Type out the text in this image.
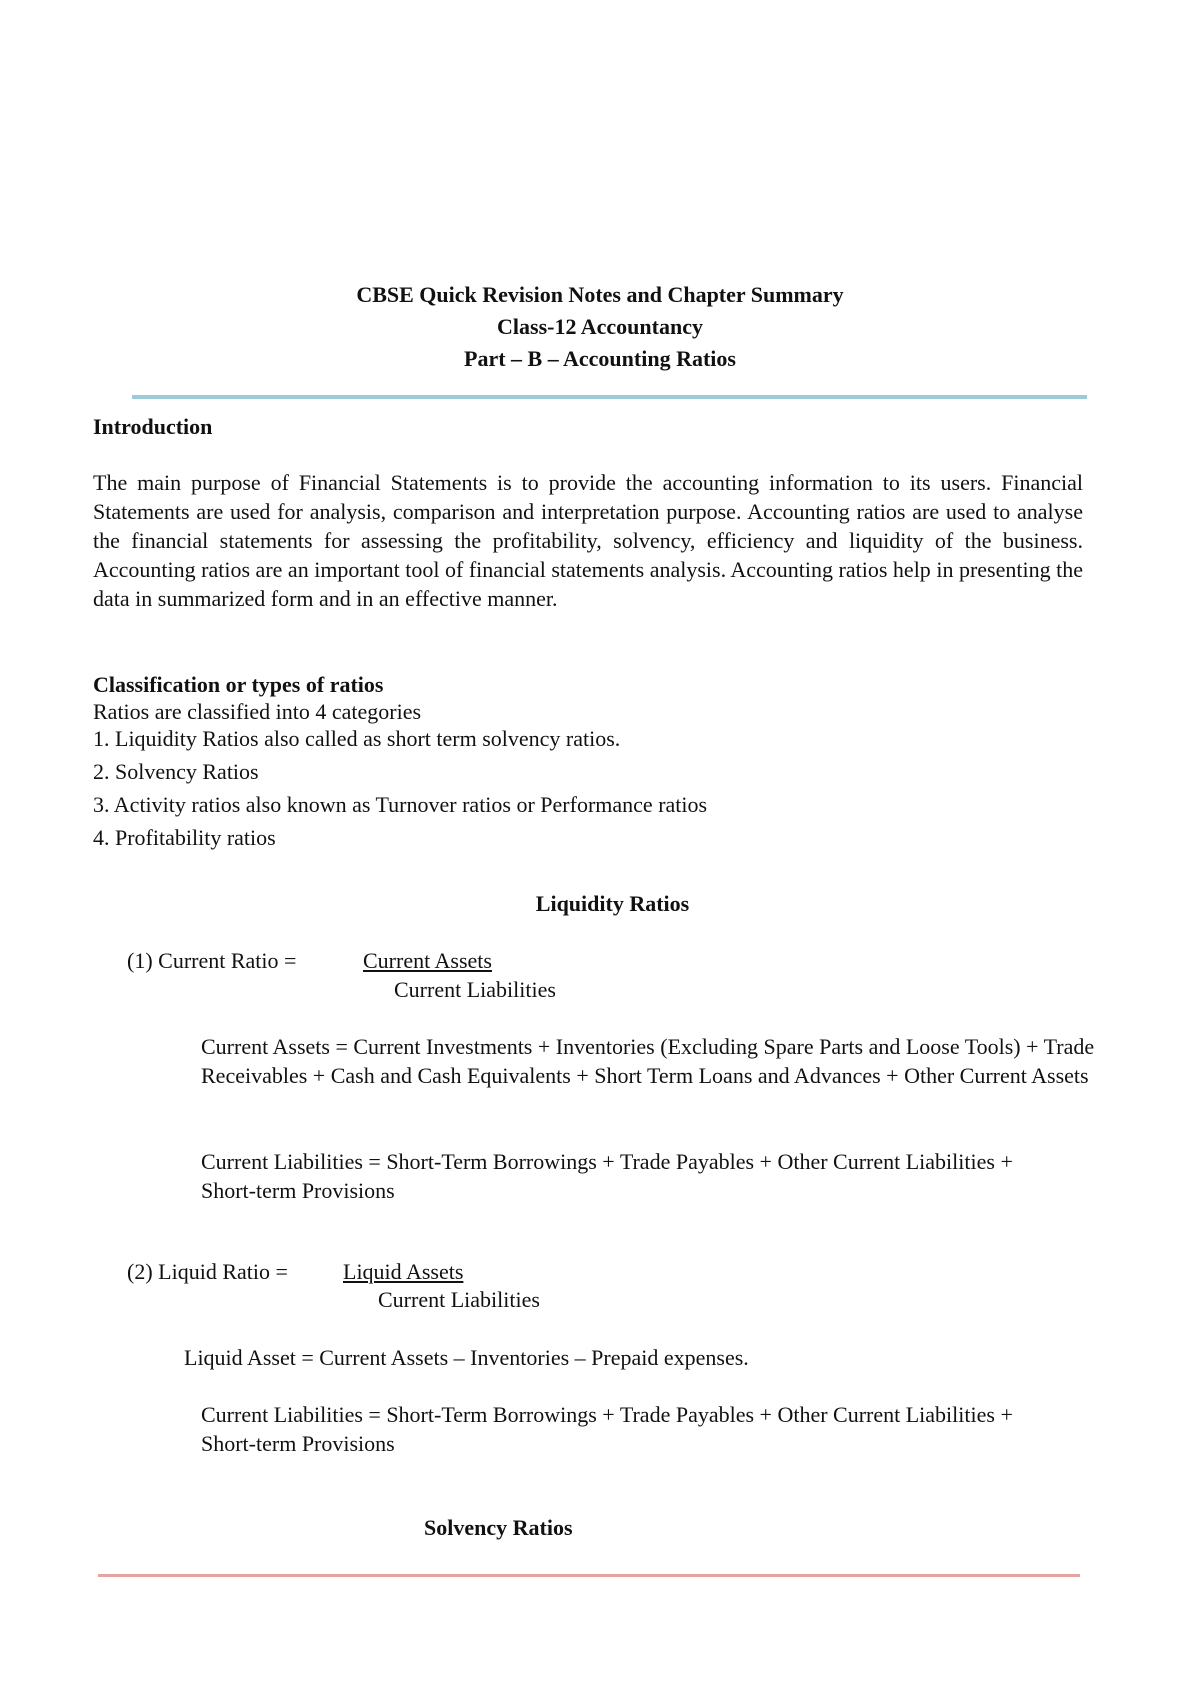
CBSE Quick Revision Notes and Chapter Summary
Class-12 Accountancy
Part – B – Accounting Ratios
Introduction
The main purpose of Financial Statements is to provide the accounting information to its users. Financial Statements are used for analysis, comparison and interpretation purpose. Accounting ratios are used to analyse the financial statements for assessing the profitability, solvency, efficiency and liquidity of the business. Accounting ratios are an important tool of financial statements analysis. Accounting ratios help in presenting the data in summarized form and in an effective manner.
Classification or types of ratios
Ratios are classified into 4 categories
1. Liquidity Ratios also called as short term solvency ratios.
2. Solvency Ratios
3. Activity ratios also known as Turnover ratios or Performance ratios
4. Profitability ratios
Liquidity Ratios
(1) Current Ratio =	Current Assets
Current Liabilities
Current Assets = Current Investments + Inventories (Excluding Spare Parts and Loose Tools) + Trade Receivables + Cash and Cash Equivalents + Short Term Loans and Advances + Other Current Assets
Current Liabilities = Short-Term Borrowings + Trade Payables + Other Current Liabilities + Short-term Provisions
(2) Liquid Ratio =	Liquid Assets
Current Liabilities
Liquid Asset = Current Assets – Inventories – Prepaid expenses.
Current Liabilities = Short-Term Borrowings + Trade Payables + Other Current Liabilities + Short-term Provisions
Solvency Ratios
